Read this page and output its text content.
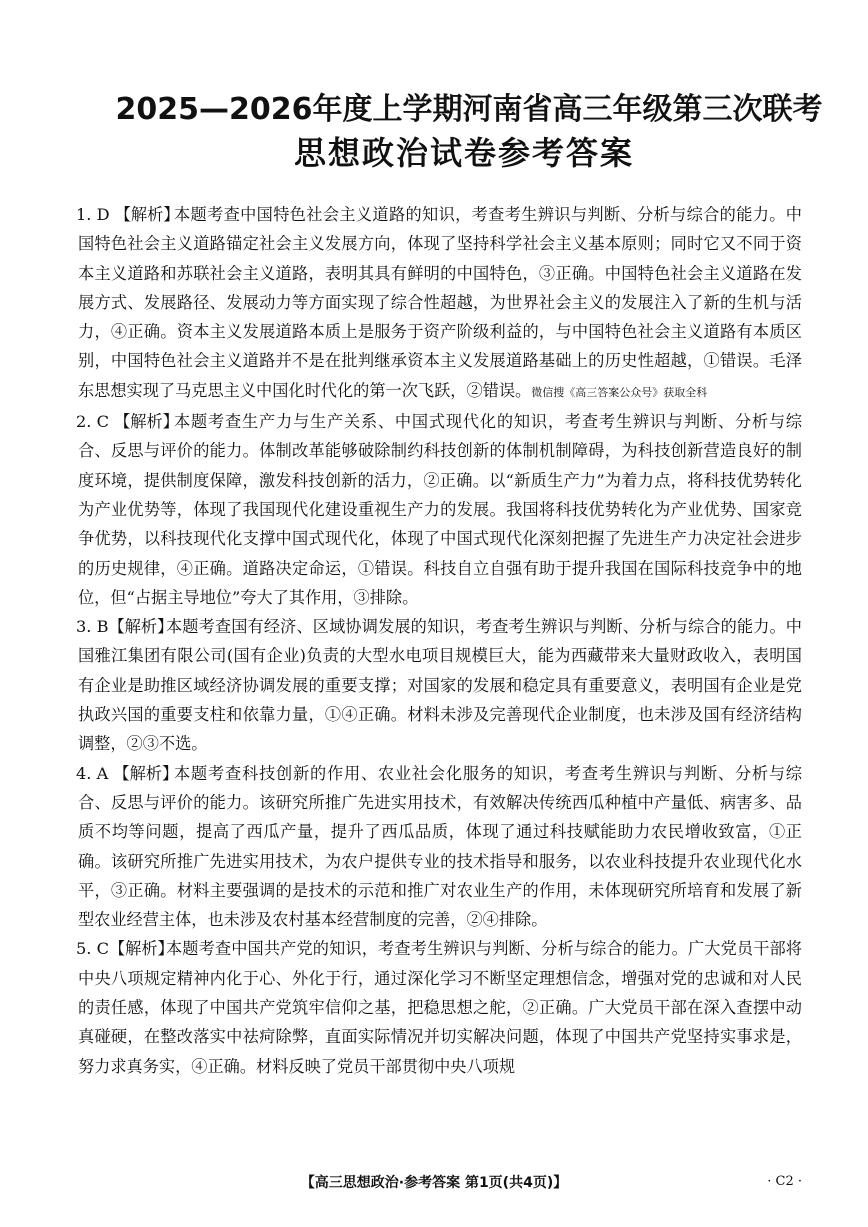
2025—2026年度上学期河南省高三年级第三次联考
思想政治试卷参考答案

1. D 【解析】
本题考查中国特色社会主义道路的知识，考查考生辨识与判断、分析与综合的能力。中国特色社会主义道路锚定社会主义发展方向，体现了坚持科学社会主义基本原则；同时它又不同于资本主义道路和苏联社会主义道路，表明其具有鲜明的中国特色，③正确。中国特色社会主义道路在发展方式、发展路径、发展动力等方面实现了综合性超越，为世界社会主义的发展注入了新的生机与活力，④正确。资本主义发展道路本质上是服务于资产阶级利益的，与中国特色社会主义道路有本质区别，中国特色社会主义道路并不是在批判继承资本主义发展道路基础上的历史性超越，①错误。毛泽东思想实现了马克思主义中国化时代化的第一次飞跃，②错误。微信搜《高三答案公众号》获取全科

2. C 【解析】
本题考查生产力与生产关系、中国式现代化的知识，考查考生辨识与判断、分析与综合、反思与评价的能力。体制改革能够破除制约科技创新的体制机制障碍，为科技创新营造良好的制度环境，提供制度保障，激发科技创新的活力，②正确。以“新质生产力”为着力点，将科技优势转化为产业优势等，体现了我国现代化建设重视生产力的发展。我国将科技优势转化为产业优势、国家竞争优势，以科技现代化支撑中国式现代化，体现了中国式现代化深刻把握了先进生产力决定社会进步的历史规律，④正确。道路决定命运，①错误。科技自立自强有助于提升我国在国际科技竞争中的地位，但“占据主导地位”夸大了其作用，③排除。

3. B【解析】
本题考查国有经济、区域协调发展的知识，考查考生辨识与判断、分析与综合的能力。中国雅江集团有限公司(国有企业)负责的大型水电项目规模巨大，能为西藏带来大量财政收入，表明国有企业是助推区域经济协调发展的重要支撑；对国家的发展和稳定具有重要意义，表明国有企业是党执政兴国的重要支柱和依靠力量，①④正确。材料未涉及完善现代企业制度，也未涉及国有经济结构调整，②③不选。

4. A 【解析】
本题考查科技创新的作用、农业社会化服务的知识，考查考生辨识与判断、分析与综合、反思与评价的能力。该研究所推广先进实用技术，有效解决传统西瓜种植中产量低、病害多、品质不均等问题，提高了西瓜产量，提升了西瓜品质，体现了通过科技赋能助力农民增收致富，①正确。该研究所推广先进实用技术，为农户提供专业的技术指导和服务，以农业科技提升农业现代化水平，③正确。材料主要强调的是技术的示范和推广对农业生产的作用，未体现研究所培育和发展了新型农业经营主体，也未涉及农村基本经营制度的完善，②④排除。

5. C【解析】
本题考查中国共产党的知识，考查考生辨识与判断、分析与综合的能力。广大党员干部将中央八项规定精神内化于心、外化于行，通过深化学习不断坚定理想信念，增强对党的忠诚和对人民的责任感，体现了中国共产党筑牢信仰之基，把稳思想之舵，②正确。广大党员干部在深入查摆中动真碰硬，在整改落实中祛疴除弊，直面实际情况并切实解决问题，体现了中国共产党坚持实事求是，努力求真务实，④正确。材料反映了党员干部贯彻中央八项规

【高三思想政治·参考答案 第1页(共4页)】	· C2 ·
